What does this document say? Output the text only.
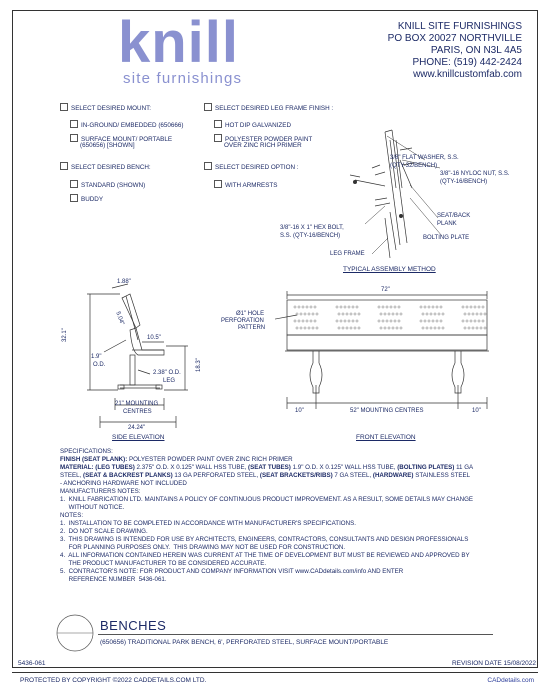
knill
site furnishings
KNILL SITE FURNISHINGS
PO BOX 20027 NORTHVILLE
PARIS, ON N3L 4A5
PHONE: (519) 442-2424
www.knillcustomfab.com
SELECT DESIRED MOUNT:
IN-GROUND/ EMBEDDED (650666)
SURFACE MOUNT/ PORTABLE
(650656) [SHOWN]
SELECT DESIRED BENCH:
STANDARD (SHOWN)
BUDDY
SELECT DESIRED LEG FRAME FINISH :
HOT DIP GALVANIZED
POLYESTER POWDER PAINT
OVER ZINC RICH PRIMER
SELECT DESIRED OPTION :
WITH ARMRESTS
3/8" FLAT WASHER, S.S.
(QTY-32/BENCH)
3/8"-16 NYLOC NUT, S.S.
(QTY-16/BENCH)
SEAT/BACK
PLANK
BOLTING PLATE
3/8"-16 X 1" HEX BOLT,
S.S. (QTY-16/BENCH)
LEG FRAME
TYPICAL ASSEMBLY METHOD
1.88"
5.04"
10.5"
32.1"
18.3"
1.9"
O.D.
2.38" O.D.
LEG
21" MOUNTING
CENTRES
24.24"
SIDE ELEVATION
72"
Ø1" HOLE
PERFORATION
PATTERN
10"	52" MOUNTING CENTRES	10"
FRONT ELEVATION
SPECIFICATIONS:
FINISH (SEAT PLANK): POLYESTER POWDER PAINT OVER ZINC RICH PRIMER
MATERIAL: (LEG TUBES) 2.375" O.D. X 0.125" WALL HSS TUBE, (SEAT TUBES) 1.9" O.D. X 0.125" WALL HSS TUBE, (BOLTING PLATES) 11 GA
STEEL, (SEAT & BACKREST PLANKS) 13 GA PERFORATED STEEL, (SEAT BRACKETS/RIBS) 7 GA STEEL, (HARDWARE) STAINLESS STEEL
- ANCHORING HARDWARE NOT INCLUDED
MANUFACTURERS NOTES:
1.  KNILL FABRICATION LTD. MAINTAINS A POLICY OF CONTINUOUS PRODUCT IMPROVEMENT. AS A RESULT, SOME DETAILS MAY CHANGE
WITHOUT NOTICE.
NOTES:
1.  INSTALLATION TO BE COMPLETED IN ACCORDANCE WITH MANUFACTURER'S SPECIFICATIONS.
2.  DO NOT SCALE DRAWING.
3.  THIS DRAWING IS INTENDED FOR USE BY ARCHITECTS, ENGINEERS, CONTRACTORS, CONSULTANTS AND DESIGN PROFESSIONALS
FOR PLANNING PURPOSES ONLY.  THIS DRAWING MAY NOT BE USED FOR CONSTRUCTION.
4.  ALL INFORMATION CONTAINED HEREIN WAS CURRENT AT THE TIME OF DEVELOPMENT BUT MUST BE REVIEWED AND APPROVED BY
THE PRODUCT MANUFACTURER TO BE CONSIDERED ACCURATE.
5.  CONTRACTOR'S NOTE: FOR PRODUCT AND COMPANY INFORMATION VISIT www.CADdetails.com/info AND ENTER
REFERENCE NUMBER  5436-061.
BENCHES
(650656) TRADITIONAL PARK BENCH, 6', PERFORATED STEEL, SURFACE MOUNT/PORTABLE
5436-061	REVISION DATE 15/08/2022
PROTECTED BY COPYRIGHT ©2022 CADDETAILS.COM LTD.	CADdetails.com
